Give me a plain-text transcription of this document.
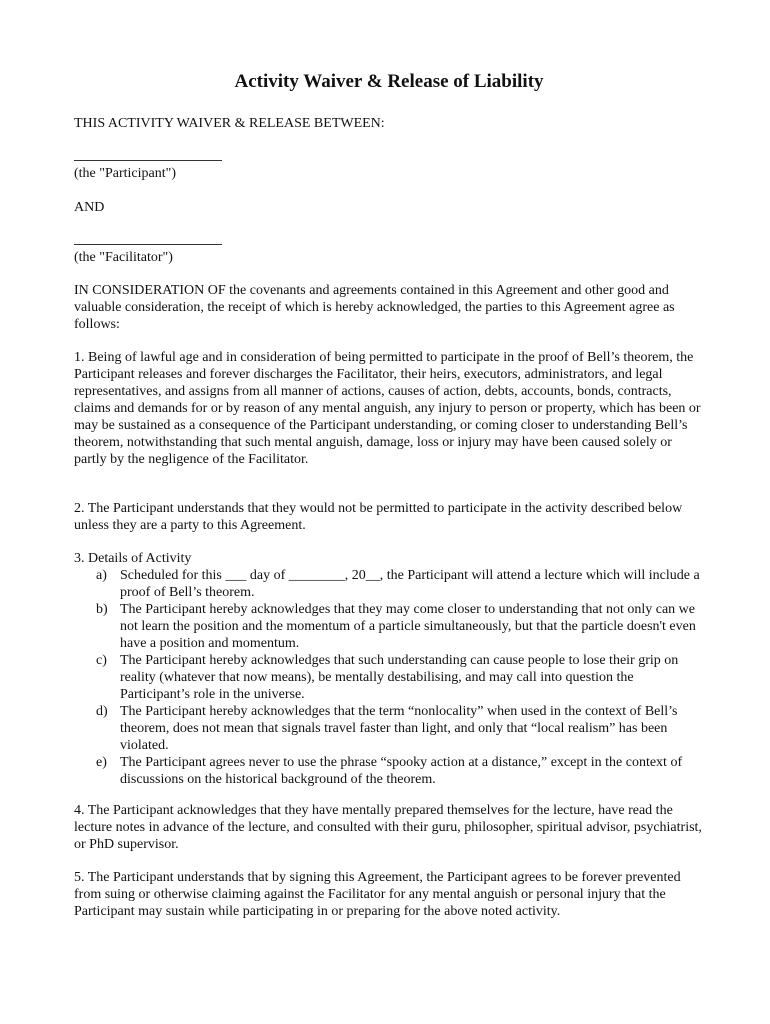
Activity Waiver & Release of Liability
THIS ACTIVITY WAIVER & RELEASE BETWEEN:
(the "Participant")
AND
(the "Facilitator")
IN CONSIDERATION OF the covenants and agreements contained in this Agreement and other good and valuable consideration, the receipt of which is hereby acknowledged, the parties to this Agreement agree as follows:
1. Being of lawful age and in consideration of being permitted to participate in the proof of Bell’s theorem, the Participant releases and forever discharges the Facilitator, their heirs, executors, administrators, and legal representatives, and assigns from all manner of actions, causes of action, debts, accounts, bonds, contracts, claims and demands for or by reason of any mental anguish, any injury to person or property, which has been or may be sustained as a consequence of the Participant understanding, or coming closer to understanding Bell’s theorem, notwithstanding that such mental anguish, damage, loss or injury may have been caused solely or partly by the negligence of the Facilitator.
2. The Participant understands that they would not be permitted to participate in the activity described below unless they are a party to this Agreement.
3. Details of Activity
a) Scheduled for this ___ day of ________, 20__, the Participant will attend a lecture which will include a proof of Bell’s theorem.
b) The Participant hereby acknowledges that they may come closer to understanding that not only can we not learn the position and the momentum of a particle simultaneously, but that the particle doesn't even have a position and momentum.
c) The Participant hereby acknowledges that such understanding can cause people to lose their grip on reality (whatever that now means), be mentally destabilising, and may call into question the Participant’s role in the universe.
d) The Participant hereby acknowledges that the term “nonlocality” when used in the context of Bell’s theorem, does not mean that signals travel faster than light, and only that “local realism” has been violated.
e) The Participant agrees never to use the phrase “spooky action at a distance,” except in the context of discussions on the historical background of the theorem.
4. The Participant acknowledges that they have mentally prepared themselves for the lecture, have read the lecture notes in advance of the lecture, and consulted with their guru, philosopher, spiritual advisor, psychiatrist, or PhD supervisor.
5. The Participant understands that by signing this Agreement, the Participant agrees to be forever prevented from suing or otherwise claiming against the Facilitator for any mental anguish or personal injury that the Participant may sustain while participating in or preparing for the above noted activity.
